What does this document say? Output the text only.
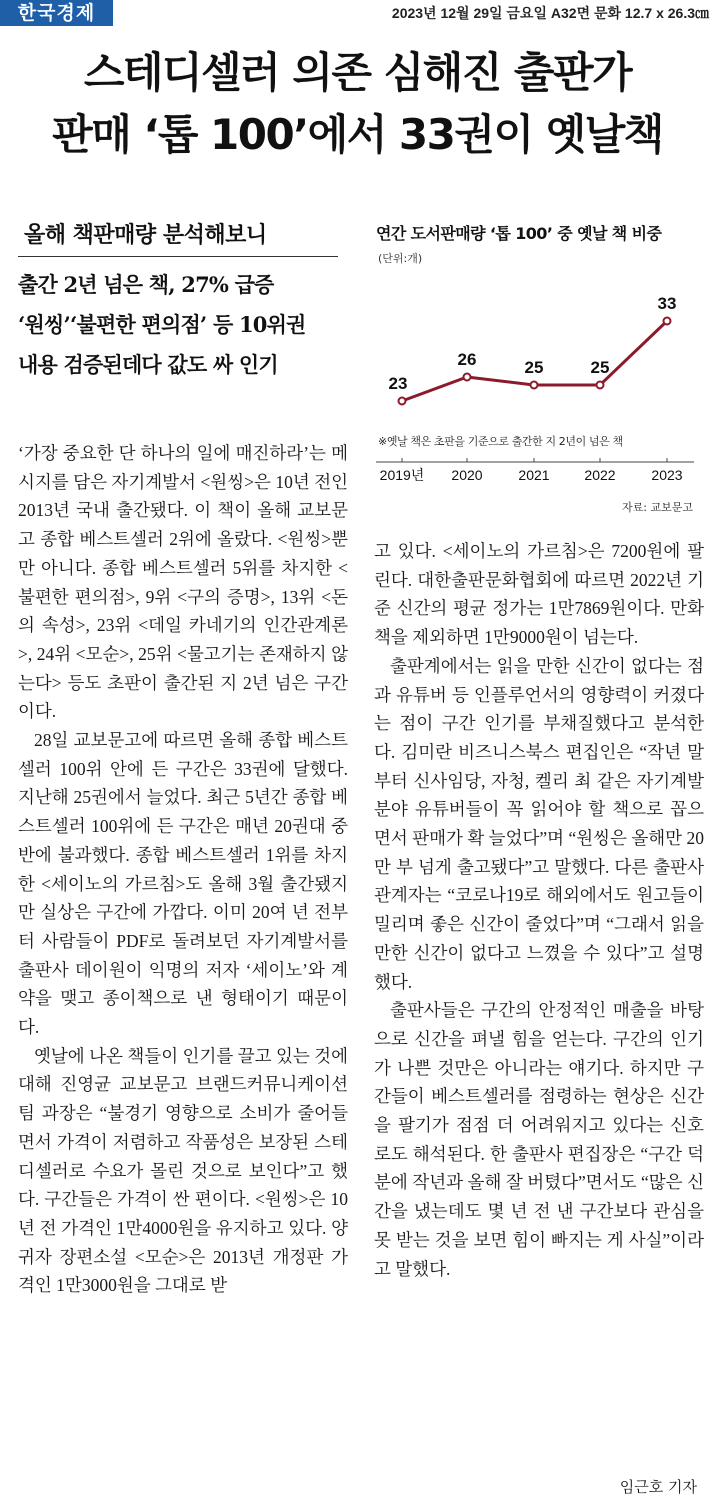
한국경제	2023년 12월 29일 금요일 A32면 문화 12.7 x 26.3㎝
스테디셀러 의존 심해진 출판가
판매 ‘톱 100’에서 33권이 옛날책
올해 책판매량 분석해보니
출간 2년 넘은 책, 27% 급증
‘원씽’‘불편한 편의점’ 등 10위권
내용 검증된데다 값도 싸 인기
연간 도서판매량 ‘톱 100’ 중 옛날 책 비중
(단위:개)
23
26	25	25
33
2019년 2020	2021 2022	2023
※옛날 책은 초판을 기준으로 출간한 지 2년이 넘은 책
자료: 교보문고

‘가장 중요한 단 하나의 일에 매진하라’는 메시지를 담은 자기계발서 <원씽>은 10년 전인 2013년 국내 출간됐다. 이 책이 올해 교보문고 종합 베스트셀러 2위에 올랐다. <원씽>뿐만 아니다. 종합 베스트셀러 5위를 차지한 <불편한 편의점>, 9위 <구의 증명>, 13위 <돈의 속성>, 23위 <데일 카네기의 인간관계론>, 24위 <모순>, 25위 <물고기는 존재하지 않는다> 등도 초판이 출간된 지 2년 넘은 구간이다.

28일 교보문고에 따르면 올해 종합 베스트셀러 100위 안에 든 구간은 33권에 달했다. 지난해 25권에서 늘었다. 최근 5년간 종합 베스트셀러 100위에 든 구간은 매년 20권대 중반에 불과했다. 종합 베스트셀러 1위를 차지한 <세이노의 가르침>도 올해 3월 출간됐지만 실상은 구간에 가깝다. 이미 20여 년 전부터 사람들이 PDF로 돌려보던 자기계발서를 출판사 데이원이 익명의 저자 ‘세이노’와 계약을 맺고 종이책으로 낸 형태이기 때문이다.

옛날에 나온 책들이 인기를 끌고 있는 것에 대해 진영균 교보문고 브랜드커뮤니케이션팀 과장은 “불경기 영향으로 소비가 줄어들면서 가격이 저렴하고 작품성은 보장된 스테디셀러로 수요가 몰린 것으로 보인다”고 했다. 구간들은 가격이 싼 편이다. <원씽>은 10년 전 가격인 1만4000원을 유지하고 있다. 양귀자 장편소설 <모순>은 2013년 개정판 가격인 1만3000원을 그대로 받

고 있다. <세이노의 가르침>은 7200원에 팔린다. 대한출판문화협회에 따르면 2022년 기준 신간의 평균 정가는 1만7869원이다. 만화책을 제외하면 1만9000원이 넘는다.

출판계에서는 읽을 만한 신간이 없다는 점과 유튜버 등 인플루언서의 영향력이 커졌다는 점이 구간 인기를 부채질했다고 분석한다. 김미란 비즈니스북스 편집인은 “작년 말부터 신사임당, 자청, 켈리 최 같은 자기계발 분야 유튜버들이 꼭 읽어야 할 책으로 꼽으면서 판매가 확 늘었다”며 “원씽은 올해만 20만 부 넘게 출고됐다”고 말했다. 다른 출판사 관계자는 “코로나19로 해외에서도 원고들이 밀리며 좋은 신간이 줄었다”며 “그래서 읽을 만한 신간이 없다고 느꼈을 수 있다”고 설명했다.

출판사들은 구간의 안정적인 매출을 바탕으로 신간을 펴낼 힘을 얻는다. 구간의 인기가 나쁜 것만은 아니라는 얘기다. 하지만 구간들이 베스트셀러를 점령하는 현상은 신간을 팔기가 점점 더 어려워지고 있다는 신호로도 해석된다. 한 출판사 편집장은 “구간 덕분에 작년과 올해 잘 버텼다”면서도 “많은 신간을 냈는데도 몇 년 전 낸 구간보다 관심을 못 받는 것을 보면 힘이 빠지는 게 사실”이라고 말했다.

임근호 기자
